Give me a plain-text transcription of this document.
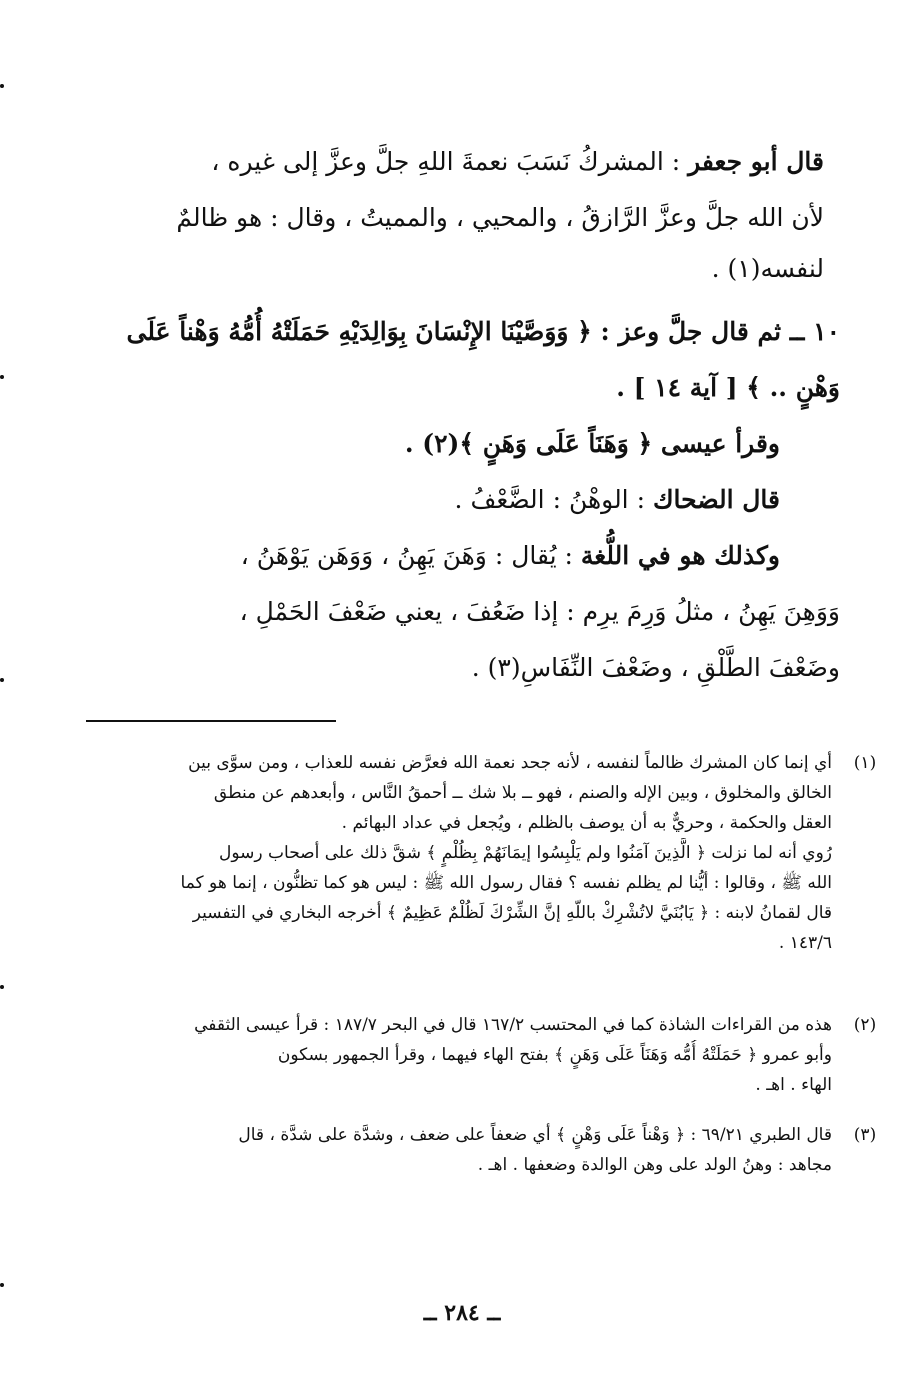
قال أبو جعفر : المشركُ نَسَبَ نعمةَ اللهِ جلَّ وعزَّ إلى غيره ،
لأن الله جلَّ وعزَّ الرَّازقُ ، والمحيي ، والمميتُ ، وقال : هو ظالمٌ
لنفسه(١) .
١٠ ــ ثم قال جلَّ وعز : ﴿ وَوَصَّيْنَا الإِنْسَانَ بِوَالِدَيْهِ حَمَلَتْهُ أُمُّهُ وَهْناً عَلَى
وَهْنٍ .. ﴾ [ آية ١٤ ] .
وقرأ عيسى ﴿ وَهَنَاً عَلَى وَهَنٍ ﴾(٢) .
قال الضحاك : الوهْنُ : الضَّعْفُ .
وكذلك هو في اللُّغة : يُقال : وَهَنَ يَهِنُ ، وَوَهَن يَوْهَنُ ،
وَوَهِنَ يَهِنُ ، مثلُ وَرِمَ يرِم : إذا ضَعُفَ ، يعني ضَعْفَ الحَمْلِ ،
وضَعْفَ الطَّلْقِ ، وضَعْفَ النِّفَاسِ(٣) .
(١)
أي إنما كان المشرك ظالماً لنفسه ، لأنه جحد نعمة الله فعرَّض نفسه للعذاب ، ومن سوَّى بين
الخالق والمخلوق ، وبين الإله والصنم ، فهو ــ بلا شك ــ أحمقُ النَّاس ، وأبعدهم عن منطق
العقل والحكمة ، وحريٌّ به أن يوصف بالظلم ، ويُجعل في عداد البهائم .
رُوي أنه لما نزلت ﴿ الَّذِينَ آمَنُوا ولم يَلْبِسُوا إيمَانَهُمْ بِظُلْمٍ ﴾ شقَّ ذلك على أصحاب رسول
الله ﷺ ، وقالوا : أيُّنا لم يظلم نفسه ؟ فقال رسول الله ﷺ : ليس هو كما تظنُّون ، إنما هو كما
قال لقمانُ لابنه : ﴿ يَابُنَيَّ لاتُشْرِكْ باللّهِ إنَّ الشِّرْكَ لَظُلْمٌ عَظِيمٌ ﴾ أخرجه البخاري في التفسير
١٤٣/٦ .
(٢)
هذه من القراءات الشاذة كما في المحتسب ١٦٧/٢ قال في البحر ١٨٧/٧ : قرأ عيسى الثقفي
وأبو عمرو ﴿ حَمَلَتْهُ أُمُّه وَهَنَاً عَلَى وَهَنٍ ﴾ بفتح الهاء فيهما ، وقرأ الجمهور بسكون
الهاء . اهـ .
(٣)
قال الطبري ٦٩/٢١ : ﴿ وَهْناً عَلَى وَهْنٍ ﴾ أي ضعفاً على ضعف ، وشدَّة على شدَّة ، قال
مجاهد : وهنُ الولد على وهن الوالدة وضعفها . اهـ .
ــ ٢٨٤ ــ
